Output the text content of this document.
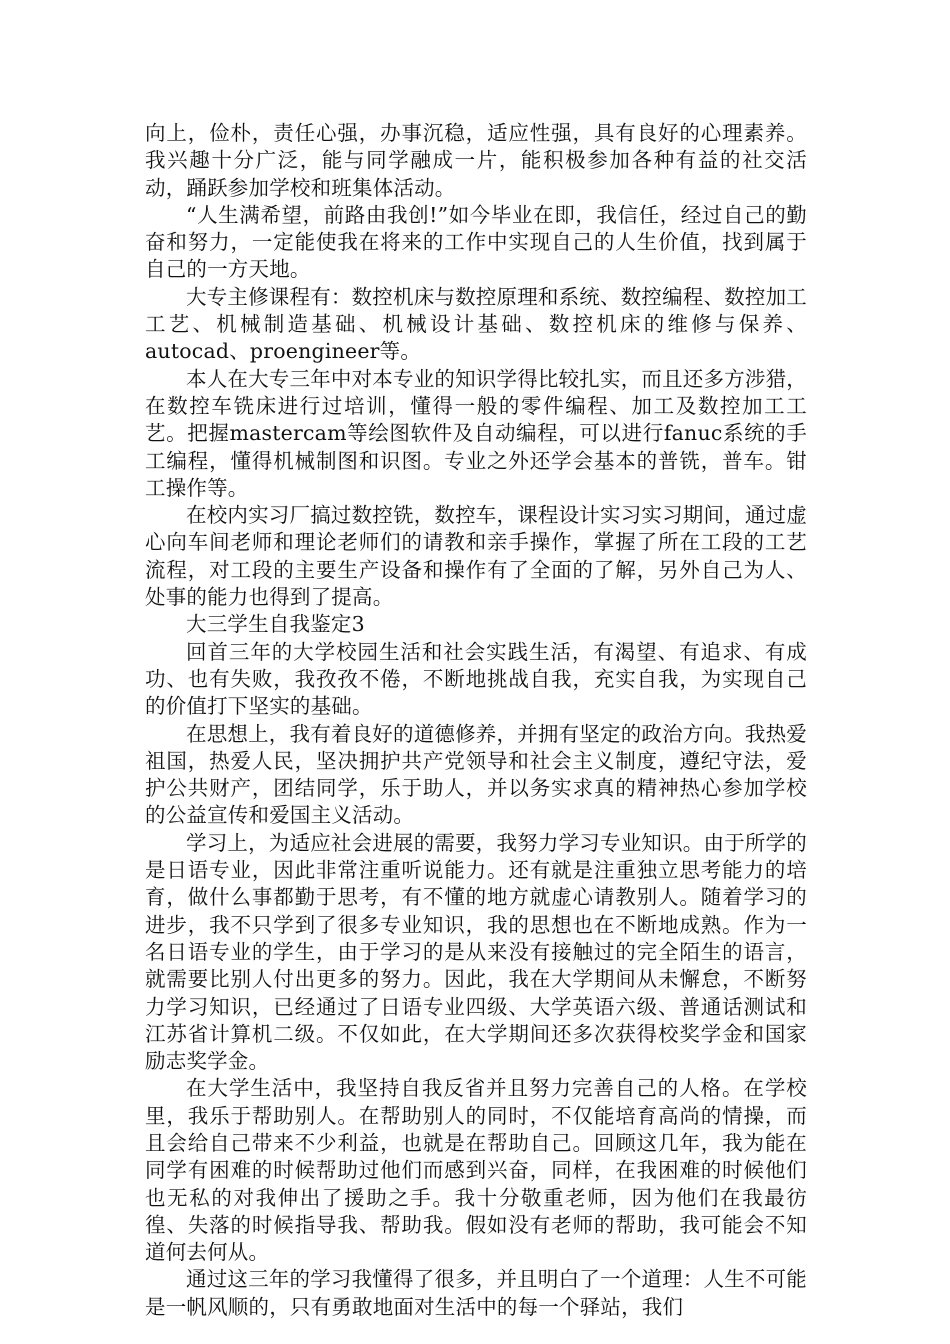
向上，俭朴，责任心强，办事沉稳，适应性强，具有良好的心理素养。我兴趣十分广泛，能与同学融成一片，能积极参加各种有益的社交活动，踊跃参加学校和班集体活动。

“人生满希望，前路由我创!”如今毕业在即，我信任，经过自己的勤奋和努力，一定能使我在将来的工作中实现自己的人生价值，找到属于自己的一方天地。

大专主修课程有：数控机床与数控原理和系统、数控编程、数控加工工艺、机械制造基础、机械设计基础、数控机床的维修与保养、autocad、proengineer等。

本人在大专三年中对本专业的知识学得比较扎实，而且还多方涉猎，在数控车铣床进行过培训，懂得一般的零件编程、加工及数控加工工艺。把握mastercam等绘图软件及自动编程，可以进行fanuc系统的手工编程，懂得机械制图和识图。专业之外还学会基本的普铣，普车。钳工操作等。

在校内实习厂搞过数控铣，数控车，课程设计实习实习期间，通过虚心向车间老师和理论老师们的请教和亲手操作，掌握了所在工段的工艺流程，对工段的主要生产设备和操作有了全面的了解，另外自己为人、处事的能力也得到了提高。

大三学生自我鉴定3

回首三年的大学校园生活和社会实践生活，有渴望、有追求、有成功、也有失败，我孜孜不倦，不断地挑战自我，充实自我，为实现自己的价值打下坚实的基础。

在思想上，我有着良好的道德修养，并拥有坚定的政治方向。我热爱祖国，热爱人民，坚决拥护共产党领导和社会主义制度，遵纪守法，爱护公共财产，团结同学，乐于助人，并以务实求真的精神热心参加学校的公益宣传和爱国主义活动。

学习上，为适应社会进展的需要，我努力学习专业知识。由于所学的是日语专业，因此非常注重听说能力。还有就是注重独立思考能力的培育，做什么事都勤于思考，有不懂的地方就虚心请教别人。随着学习的进步，我不只学到了很多专业知识，我的思想也在不断地成熟。作为一名日语专业的学生，由于学习的是从来没有接触过的完全陌生的语言，就需要比别人付出更多的努力。因此，我在大学期间从未懈怠，不断努力学习知识，已经通过了日语专业四级、大学英语六级、普通话测试和江苏省计算机二级。不仅如此，在大学期间还多次获得校奖学金和国家励志奖学金。

在大学生活中，我坚持自我反省并且努力完善自己的人格。在学校里，我乐于帮助别人。在帮助别人的同时，不仅能培育高尚的情操，而且会给自己带来不少利益，也就是在帮助自己。回顾这几年，我为能在同学有困难的时候帮助过他们而感到兴奋，同样，在我困难的时候他们也无私的对我伸出了援助之手。我十分敬重老师，因为他们在我最彷徨、失落的时候指导我、帮助我。假如没有老师的帮助，我可能会不知道何去何从。

通过这三年的学习我懂得了很多，并且明白了一个道理：人生不可能是一帆风顺的，只有勇敢地面对生活中的每一个驿站，我们
